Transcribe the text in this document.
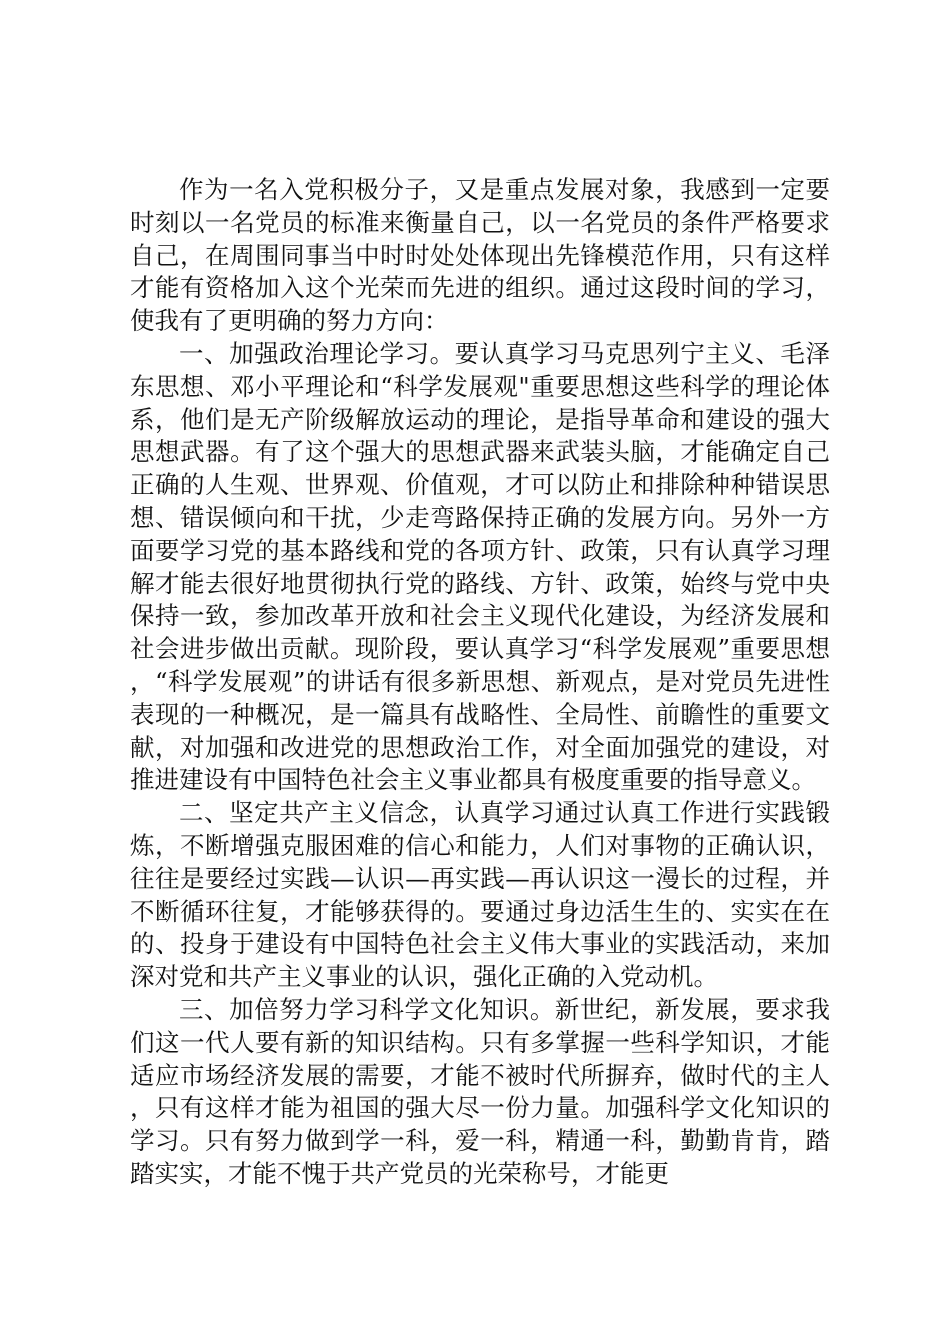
作为一名入党积极分子，又是重点发展对象，我感到一定要时刻以一名党员的标准来衡量自己，以一名党员的条件严格要求自己，在周围同事当中时时处处体现出先锋模范作用，只有这样才能有资格加入这个光荣而先进的组织。通过这段时间的学习，使我有了更明确的努力方向：

一、加强政治理论学习。要认真学习马克思列宁主义、毛泽东思想、邓小平理论和“科学发展观"重要思想这些科学的理论体系，他们是无产阶级解放运动的理论，是指导革命和建设的强大思想武器。有了这个强大的思想武器来武装头脑，才能确定自己正确的人生观、世界观、价值观，才可以防止和排除种种错误思想、错误倾向和干扰，少走弯路保持正确的发展方向。另外一方面要学习党的基本路线和党的各项方针、政策，只有认真学习理解才能去很好地贯彻执行党的路线、方针、政策，始终与党中央保持一致，参加改革开放和社会主义现代化建设，为经济发展和社会进步做出贡献。现阶段，要认真学习“科学发展观”重要思想，“科学发展观”的讲话有很多新思想、新观点，是对党员先进性表现的一种概况，是一篇具有战略性、全局性、前瞻性的重要文献，对加强和改进党的思想政治工作，对全面加强党的建设，对推进建设有中国特色社会主义事业都具有极度重要的指导意义。

二、坚定共产主义信念，认真学习通过认真工作进行实践锻炼，不断增强克服困难的信心和能力，人们对事物的正确认识，往往是要经过实践—认识—再实践—再认识这一漫长的过程，并不断循环往复，才能够获得的。要通过身边活生生的、实实在在的、投身于建设有中国特色社会主义伟大事业的实践活动，来加深对党和共产主义事业的认识，强化正确的入党动机。

三、加倍努力学习科学文化知识。新世纪，新发展，要求我们这一代人要有新的知识结构。只有多掌握一些科学知识，才能适应市场经济发展的需要，才能不被时代所摒弃，做时代的主人，只有这样才能为祖国的强大尽一份力量。加强科学文化知识的学习。只有努力做到学一科，爱一科，精通一科，勤勤肯肯，踏踏实实，才能不愧于共产党员的光荣称号，才能更
